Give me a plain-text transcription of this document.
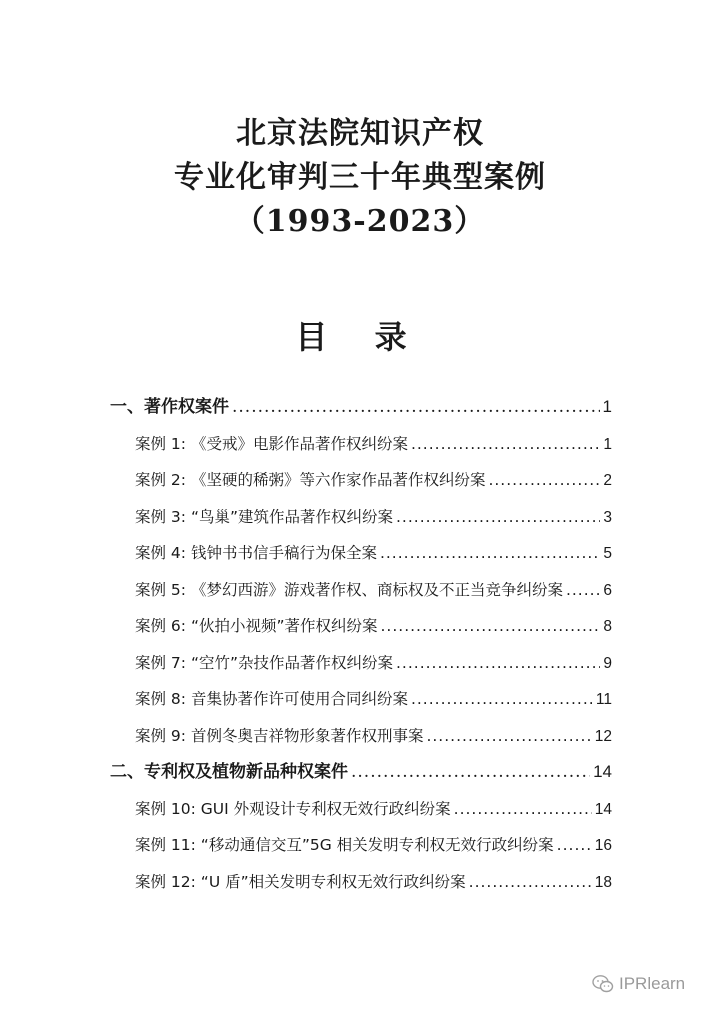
北京法院知识产权
专业化审判三十年典型案例
（1993-2023）
目 录
一、著作权案件 .....	1
案例 1: 《受戒》电影作品著作权纠纷案 .....	1
案例 2: 《坚硬的稀粥》等六作家作品著作权纠纷案 .....	2
案例 3: “鸟巢”建筑作品著作权纠纷案 .....	3
案例 4: 钱钟书书信手稿行为保全案 .....	5
案例 5: 《梦幻西游》游戏著作权、商标权及不正当竞争纠纷案 .....	6
案例 6: “伙拍小视频”著作权纠纷案 .....	8
案例 7: “空竹”杂技作品著作权纠纷案 .....	9
案例 8: 音集协著作许可使用合同纠纷案 .....	11
案例 9: 首例冬奥吉祥物形象著作权刑事案 .....	12
二、专利权及植物新品种权案件 .....	14
案例 10: GUI 外观设计专利权无效行政纠纷案 .....	14
案例 11: “移动通信交互”5G 相关发明专利权无效行政纠纷案 .....	16
案例 12: “U 盾”相关发明专利权无效行政纠纷案 .....	18
IPRlearn
